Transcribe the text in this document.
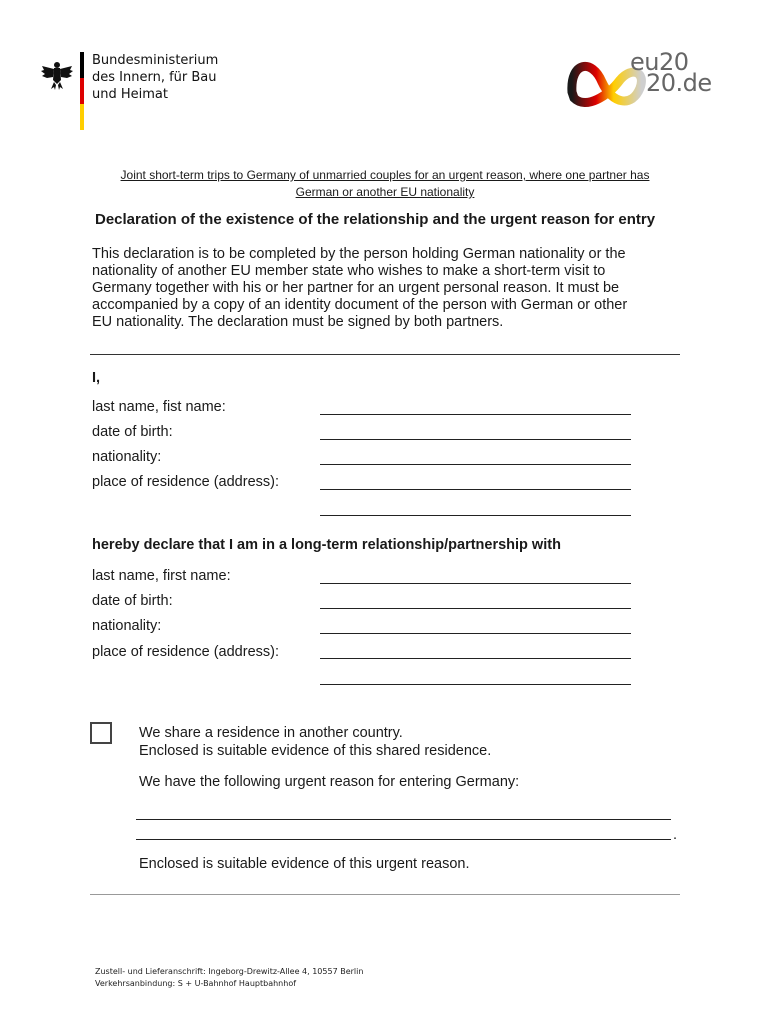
Bundesministerium
des Innern, für Bau
und Heimat
eu20
20.de
Joint short-term trips to Germany of unmarried couples for an urgent reason, where one partner has
German or another EU nationality
Declaration of the existence of the relationship and the urgent reason for entry
This declaration is to be completed by the person holding German nationality or the
nationality of another EU member state who wishes to make a short-term visit to
Germany together with his or her partner for an urgent personal reason. It must be
accompanied by a copy of an identity document of the person with German or other
EU nationality. The declaration must be signed by both partners.
I,
last name, fist name:
date of birth:
nationality:
place of residence (address):
hereby declare that I am in a long-term relationship/partnership with
last name, first name:
date of birth:
nationality:
place of residence (address):
We share a residence in another country.
Enclosed is suitable evidence of this shared residence.
We have the following urgent reason for entering Germany:
.
Enclosed is suitable evidence of this urgent reason.
Zustell- und Lieferanschrift: Ingeborg-Drewitz-Allee 4, 10557 Berlin
Verkehrsanbindung: S + U-Bahnhof Hauptbahnhof
